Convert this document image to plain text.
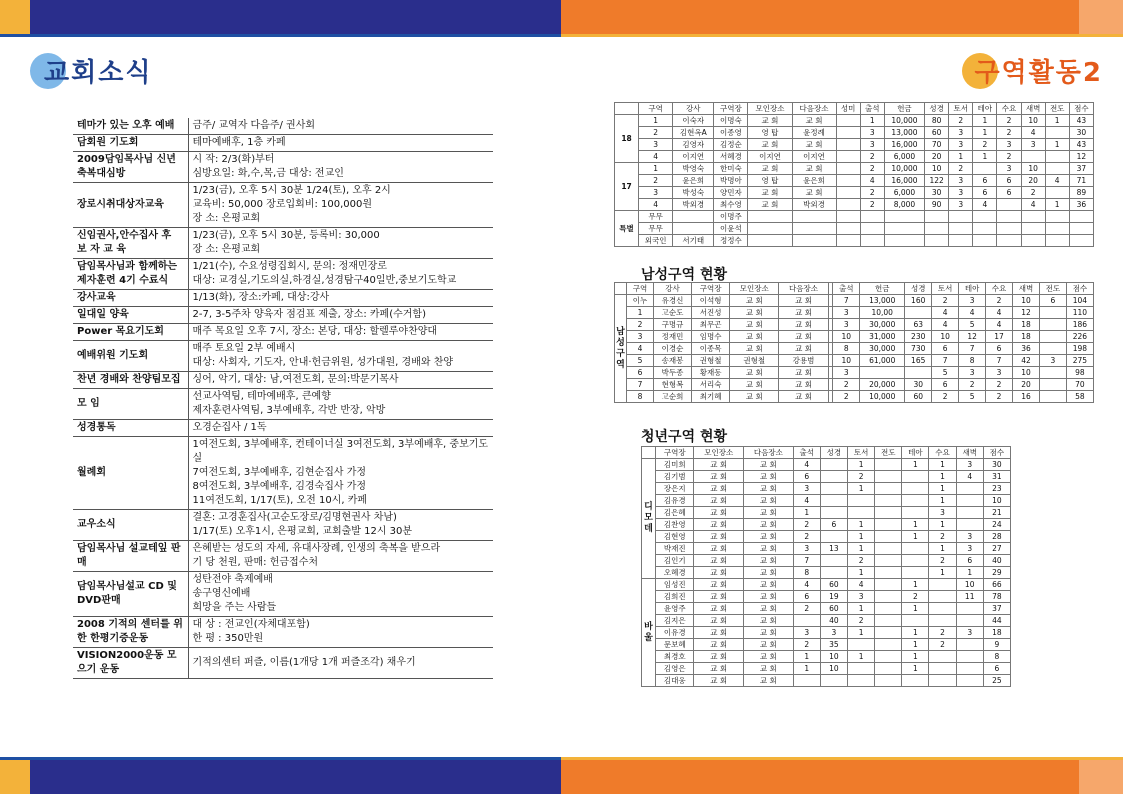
교회소식
테마가 있는 오후 예배	금주/ 교역자 다음주/ 권사회

담회원 기도회	테마예배후, 1층 카페

2009담임목사님 신년축복대심방	시 작: 2/3(화)부터
심방요일: 화,수,목,금 대상: 전교인

장로시취대상자교육	1/23(금), 오후 5시 30분 1/24(토), 오후 2시
교육비: 50,000 장로입회비: 100,000원
장 소: 은평교회

신임권사,안수집사 후 보 자 교 육	1/23(금), 오후 5시 30분, 등록비: 30,000
장 소: 은평교회

담임목사님과 함께하는 제자훈련 4기 수료식	1/21(수), 수요성령집회시, 문의: 정재민장로
대상: 교경실,기도의실,하경실,성경탐구40일반,중보기도학교

강사교육	1/13(화), 장소:카페, 대상:강사

일대일 양육	2-7, 3-5주차 양육자 점검표 제출, 장소: 카페(수거함)

Power 목요기도회	매주 목요일 오후 7시, 장소: 본당, 대상: 할렐루야찬양대

예배위원 기도회	매주 토요일 2부 예배시
대상: 사회자, 기도자, 안내·헌금위원, 성가대원, 경배와 찬양

찬년 경배와 찬양팀모집	싱어, 악기, 대상: 남,여전도회, 문의:박문기목사

모 임	선교사역팀, 테마예배후, 큰예향
제자훈련사역팀, 3부예배후, 각반 반장, 악방

성경통독	오경순집사 / 1독

월례회	1여전도회, 3부예배후, 컨테이너실 3여전도회, 3부예배후, 중보기도실
7여전도회, 3부예배후, 김현순집사 가정
8여전도회, 3부예배후, 김경숙집사 가정
11여전도회, 1/17(토), 오전 10시, 카페

교우소식	결혼: 고경훈집사(고순도장로/김명현권사 차남)
1/17(토) 오후1시, 은평교회, 교회출발 12시 30분

담임목사님 설교테잎 판매	은혜받는 성도의 자세, 유대사장례, 인생의 축복을 받으라
기 당 천원, 판매: 헌금접수처

담임목사님설교 CD 및 DVD판매	성탄전야 축제예배
송구영신예배
희망을 주는 사람들

2008 기적의 센터를 위한 한평기증운동	대 상 : 전교인(자체대포함)
한 평 : 350만원

VISION2000운동 모으기 운동	기적의센터 퍼즐, 이름(1개당 1개 퍼즐조각) 채우기
구역활동2
	구역	강사	구역장	모인장소	다음장소	성미	출석	헌금	성경	토서	테아	수요	새벽	전도	점수
18	1	이숙자	이명숙	교 회	교 회		1	10,000	80	2	1	2	10	1	43
	2	김현옥A	이종영	영 탑	윤정례		3	13,000	60	3	1	2	4		30
	3	김영자	김정순	교 회	교 회		3	16,000	70	3	2	3	3	1	43
	4	이지연	서혜경	이지연	이지연		2	6,000	20	1	1	2			12
17	1	박영숙	한미숙	교 회	교 회		2	10,000	10	2		3	10		37
	2	윤은희	박명아	영 탑	윤은희		4	16,000	122	3	6	6	20	4	71
	3	박성숙	양민자	교 회	교 회		2	6,000	30	3	6	6	2		89
	4	박외경	최수영	교 회	박외경		2	8,000	90	3	4		4	1	36
특별	무무		이명주												
	무무		이윤석												
	외국인	서기태	정정수												
남성구역 현황
	구역	강사	구역장	모인장소	다음장소		출석	헌금	성경	토서	테아	수요	새벽	전도	점수
남성구역	이누	유경신	이석형	교 회	교 회		7	13,000	160	2	3	2	10	6	104
	1	고순도	서진성	교 회	교 회		3	10,00		4	4	4	12		110
	2	구명규	최무곤	교 회	교 회		3	30,000	63	4	5	4	18		186
	3	정재민	임명수	교 회	교 회		10	31,000	230	10	12	17	18		226
	4	이경순	이종목	교 회	교 회		8	30,000	730	6	7	6	36		198
	5	송재봉	권형철	권형철	강용범		10	61,000	165	7	8	7	42	3	275
	6	박두종	황재동	교 회	교 회		3			5	3	3	10		98
	7	현형복	서리숙	교 회	교 회		2	20,000	30	6	2	2	20		70
	8	고순희	최기혜	교 회	교 회		2	10,000	60	2	5	2	16		58
청년구역 현황
	구역장	모인장소	다음장소	출석	성경	토서	전도	테아	수요	새벽	점수
디모데	김미희	교 회	교 회	4		1		1	1	3	30
	김기범	교 회	교 회	6		2			1	4	31
	장은지	교 회	교 회	3		1			1		23
	김유경	교 회	교 회	4					1		10
	김은혜	교 회	교 회	1					3		21
	김찬영	교 회	교 회	2	6	1		1	1		24
	김현영	교 회	교 회	2		1		1	2	3	28
	박재진	교 회	교 회	3	13	1			1	3	27
	김인기	교 회	교 회	7		2			2	6	40
	오혜경	교 회	교 회	8		1			1	1	29
바울	임성진	교 회	교 회	4	60	4		1		10	66
	김희진	교 회	교 회	6	19	3		2		11	78
	윤영주	교 회	교 회	2	60	1		1			37
	김지은	교 회	교 회		40	2					44
	이유경	교 회	교 회	3	3	1		1	2	3	18
	문보혜	교 회	교 회	2	35			1	2		9
	최경호	교 회	교 회	1	10	1		1			8
	김영은	교 회	교 회	1	10			1			6
	김대웅	교 회	교 회								25
